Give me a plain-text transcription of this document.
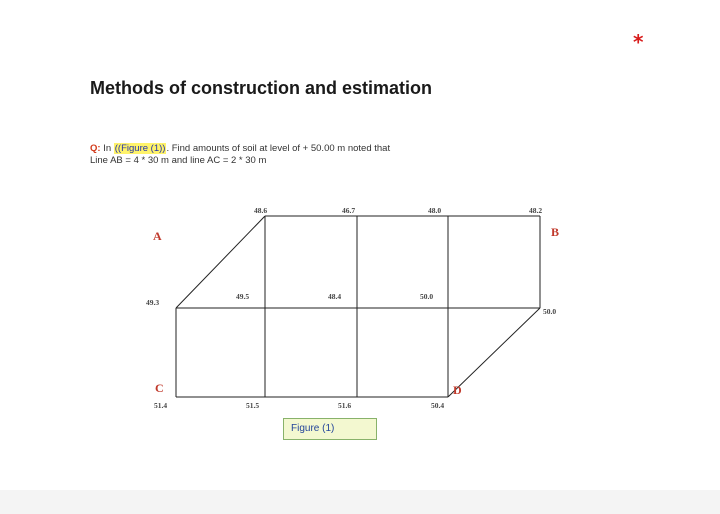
*
Methods of construction and estimation
Q: In ((Figure (1)). Find amounts of soil at level of + 50.00 m noted that
Line AB = 4 * 30 m and line AC = 2 * 30 m
A	B
C	D
48.6	46.7	48.0	48.2
49.3
49.5	48.4	50.0
50.0
51.4	51.5	51.6	50.4
Figure (1)
